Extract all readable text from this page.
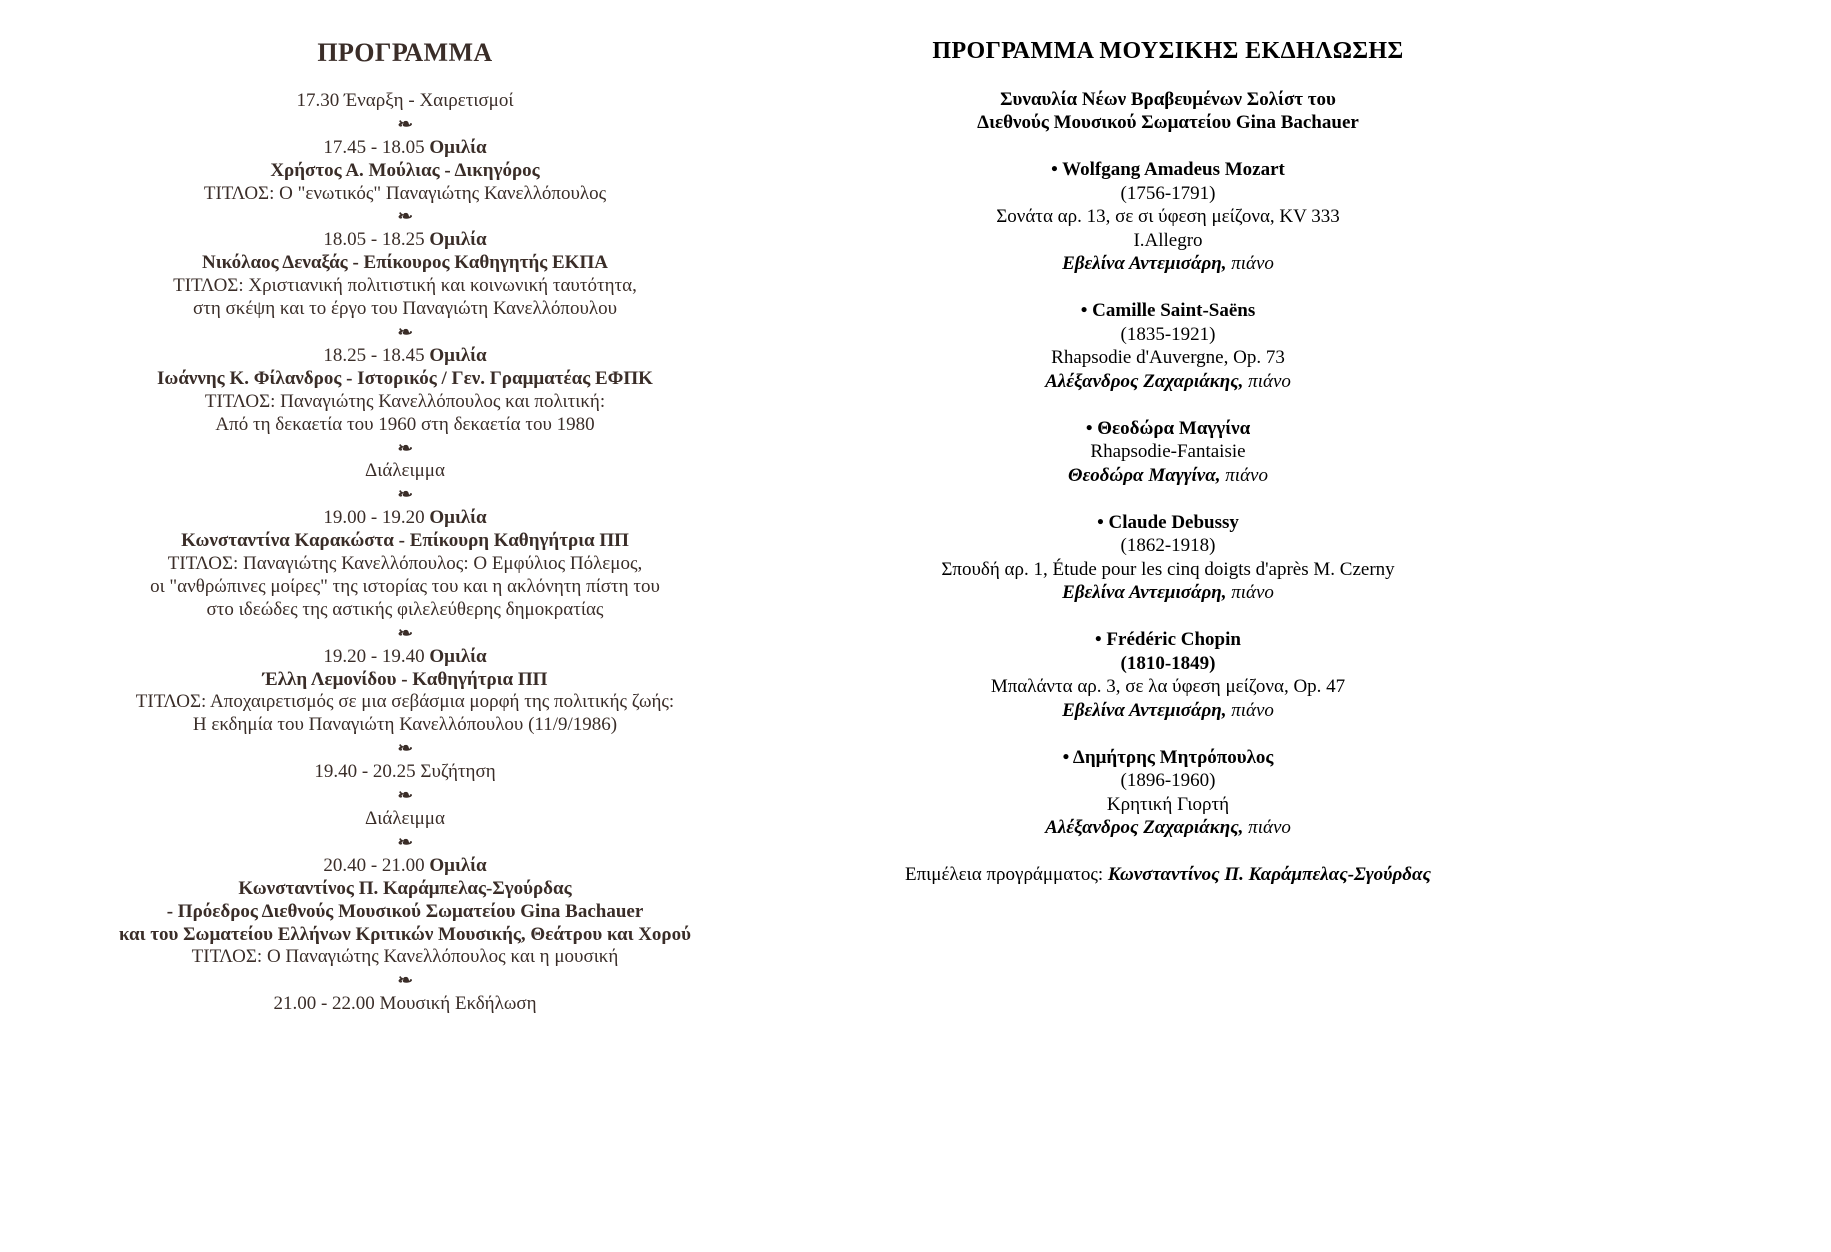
ΠΡΟΓΡΑΜΜΑ
17.30 Έναρξη - Χαιρετισμοί
❧
17.45 - 18.05 Ομιλία
Χρήστος Α. Μούλιας - Δικηγόρος
ΤΙΤΛΟΣ: Ο "ενωτικός" Παναγιώτης Κανελλόπουλος
❧
18.05 - 18.25 Ομιλία
Νικόλαος Δεναξάς - Επίκουρος Καθηγητής ΕΚΠΑ
ΤΙΤΛΟΣ: Χριστιανική πολιτιστική και κοινωνική ταυτότητα,
στη σκέψη και το έργο του Παναγιώτη Κανελλόπουλου
❧
18.25 - 18.45 Ομιλία
Ιωάννης Κ. Φίλανδρος - Ιστορικός / Γεν. Γραμματέας ΕΦΠΚ
ΤΙΤΛΟΣ: Παναγιώτης Κανελλόπουλος και πολιτική:
Από τη δεκαετία του 1960 στη δεκαετία του 1980
❧
Διάλειμμα
❧
19.00 - 19.20 Ομιλία
Κωνσταντίνα Καρακώστα - Επίκουρη Καθηγήτρια ΠΠ
ΤΙΤΛΟΣ: Παναγιώτης Κανελλόπουλος: Ο Εμφύλιος Πόλεμος,
οι "ανθρώπινες μοίρες" της ιστορίας του και η ακλόνητη πίστη του
στο ιδεώδες της αστικής φιλελεύθερης δημοκρατίας
❧
19.20 - 19.40 Ομιλία
Έλλη Λεμονίδου - Καθηγήτρια ΠΠ
ΤΙΤΛΟΣ: Αποχαιρετισμός σε μια σεβάσμια μορφή της πολιτικής ζωής:
Η εκδημία του Παναγιώτη Κανελλόπουλου (11/9/1986)
❧
19.40 - 20.25 Συζήτηση
❧
Διάλειμμα
❧
20.40 - 21.00 Ομιλία
Κωνσταντίνος Π. Καράμπελας-Σγούρδας
- Πρόεδρος Διεθνούς Μουσικού Σωματείου Gina Bachauer
και του Σωματείου Ελλήνων Κριτικών Μουσικής, Θεάτρου και Χορού
ΤΙΤΛΟΣ: Ο Παναγιώτης Κανελλόπουλος και η μουσική
❧
21.00 - 22.00 Μουσική Εκδήλωση
ΠΡΟΓΡΑΜΜΑ ΜΟΥΣΙΚΗΣ ΕΚΔΗΛΩΣΗΣ
Συναυλία Νέων Βραβευμένων Σολίστ του
Διεθνούς Μουσικού Σωματείου Gina Bachauer
• Wolfgang Amadeus Mozart
(1756-1791)
Σονάτα αρ. 13, σε σι ύφεση μείζονα, KV 333
I.Allegro
Εβελίνα Αντεμισάρη, πιάνο
• Camille Saint-Saëns
(1835-1921)
Rhapsodie d'Auvergne, Op. 73
Αλέξανδρος Ζαχαριάκης, πιάνο
• Θεοδώρα Μαγγίνα
Rhapsodie-Fantaisie
Θεοδώρα Μαγγίνα, πιάνο
• Claude Debussy
(1862-1918)
Σπουδή αρ. 1, Étude pour les cinq doigts d'après M. Czerny
Εβελίνα Αντεμισάρη, πιάνο
• Frédéric Chopin
(1810-1849)
Μπαλάντα αρ. 3, σε λα ύφεση μείζονα, Op. 47
Εβελίνα Αντεμισάρη, πιάνο
• Δημήτρης Μητρόπουλος
(1896-1960)
Κρητική Γιορτή
Αλέξανδρος Ζαχαριάκης, πιάνο
Επιμέλεια προγράμματος: Κωνσταντίνος Π. Καράμπελας-Σγούρδας
